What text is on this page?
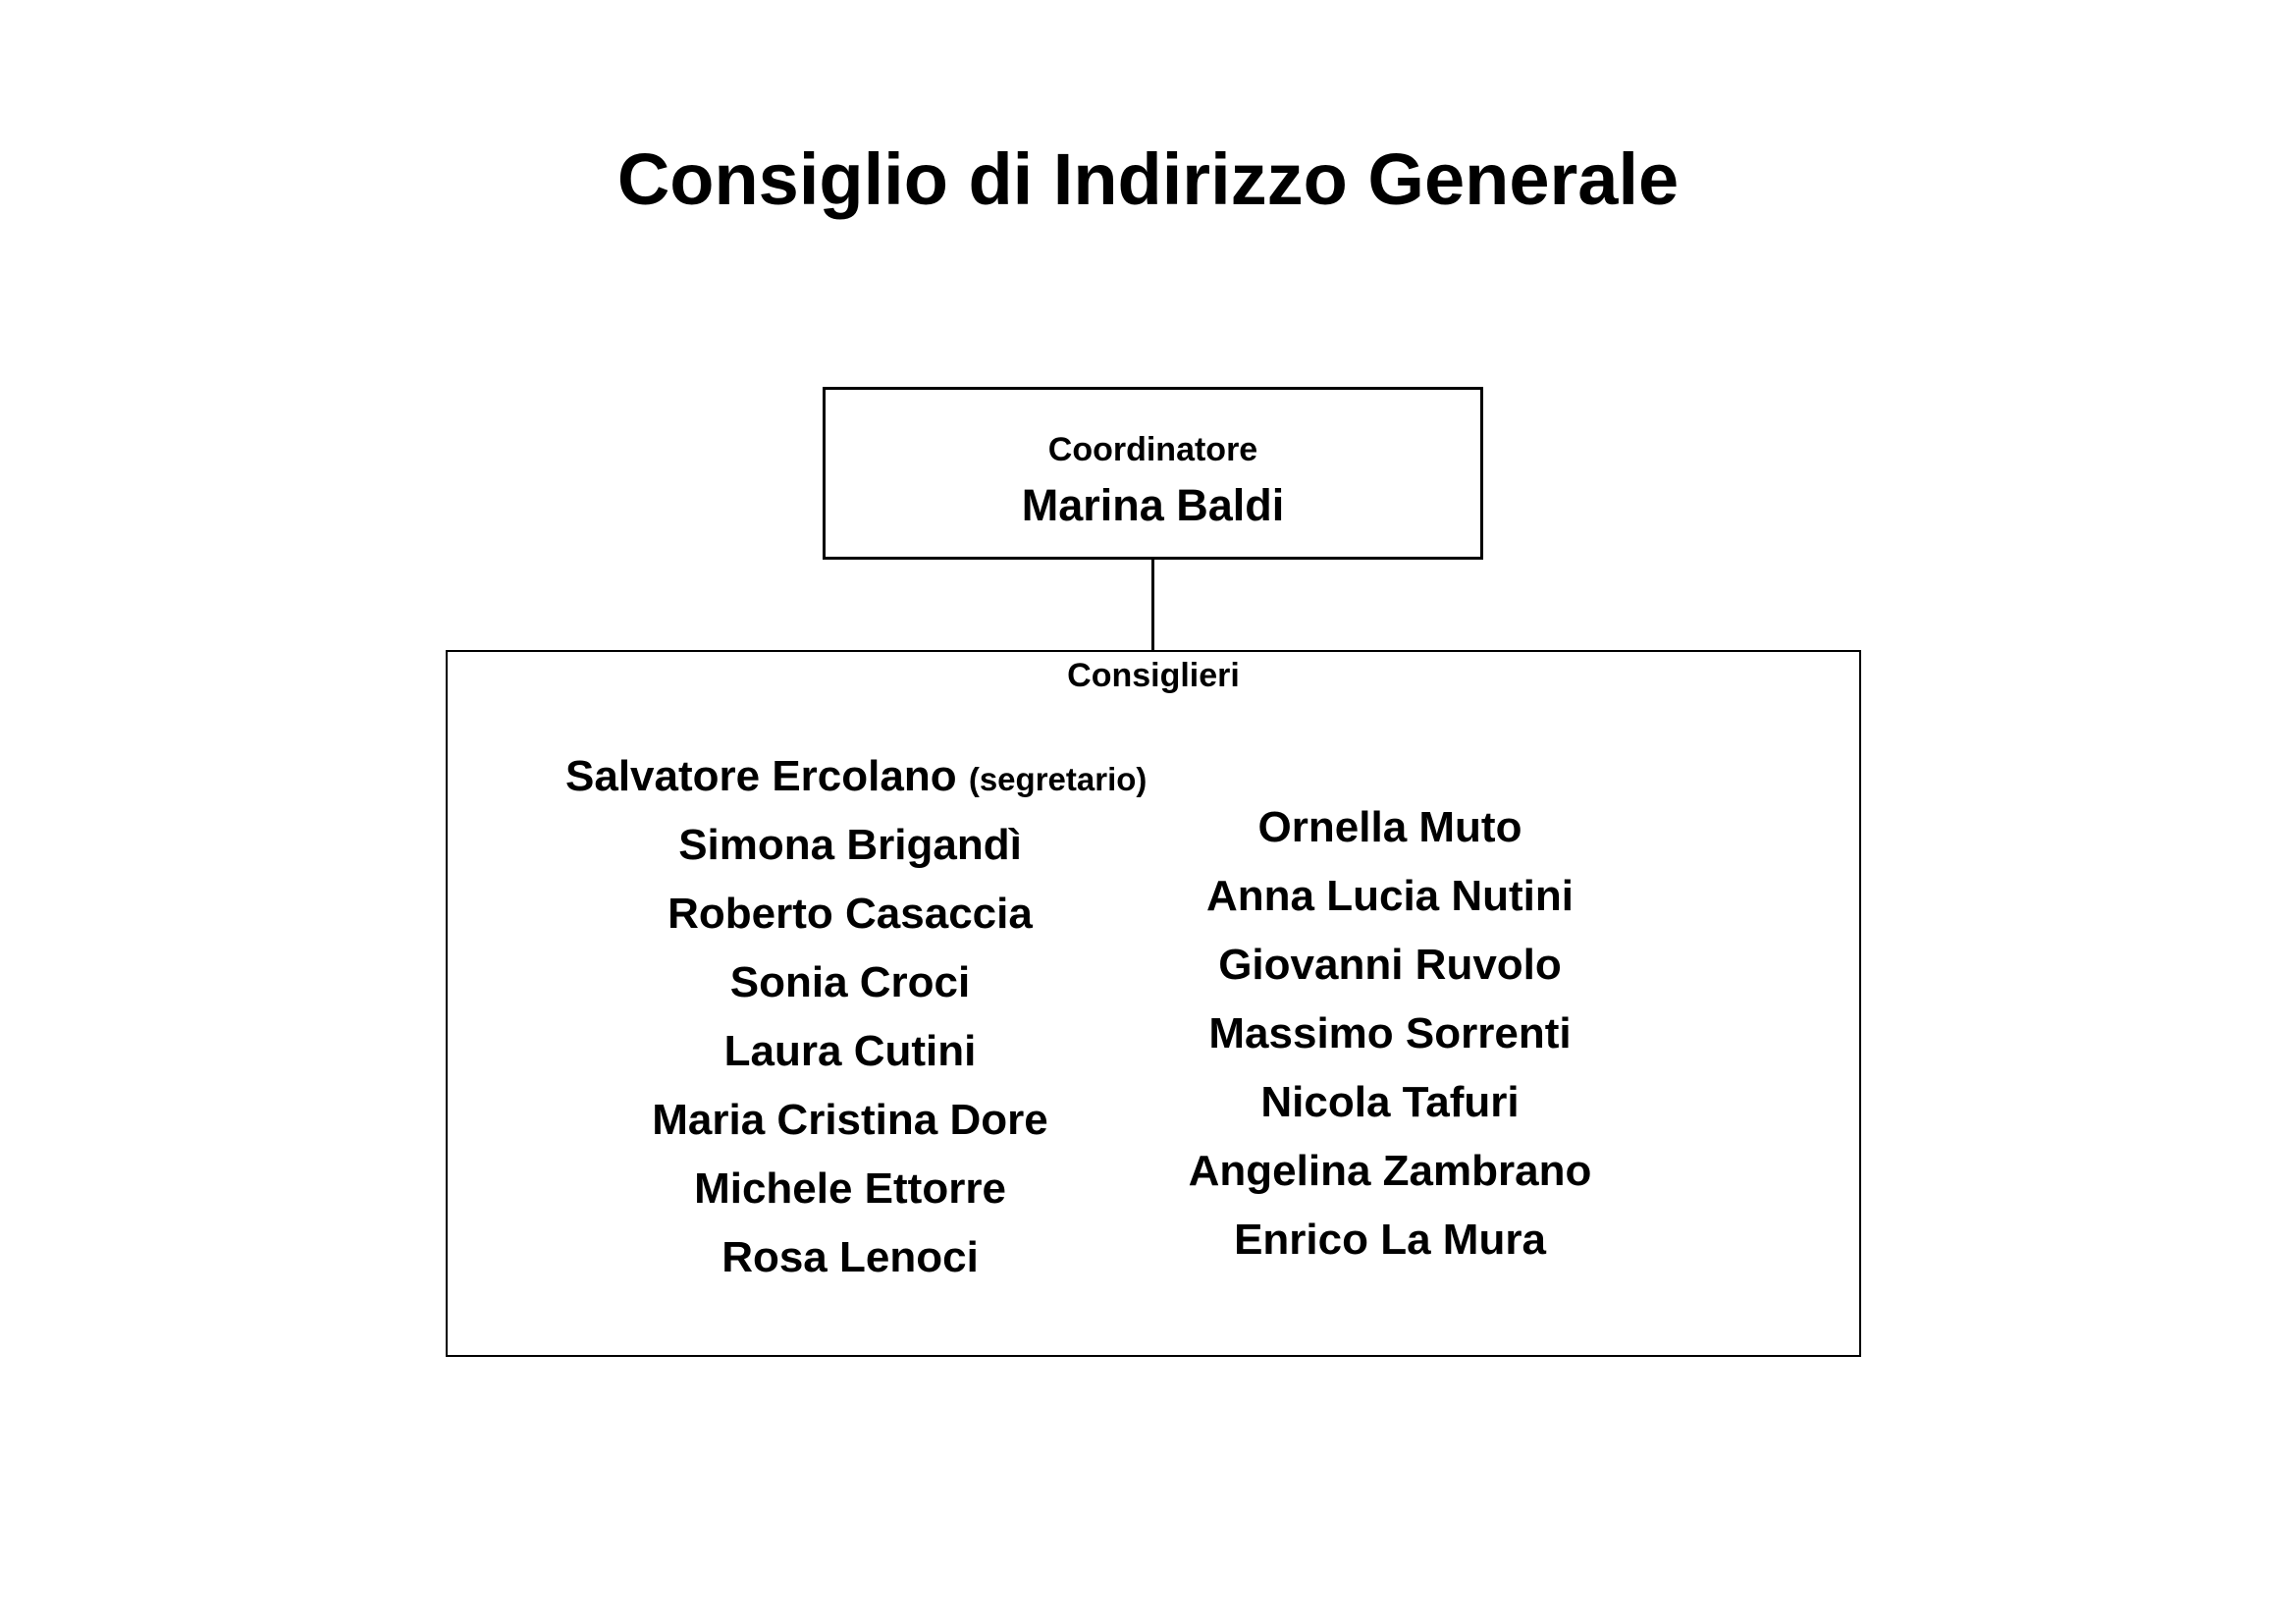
Consiglio di Indirizzo Generale
Coordinatore
Marina Baldi
Consiglieri
Salvatore Ercolano (segretario)
Simona Brigandì
Roberto Casaccia
Sonia Croci
Laura Cutini
Maria Cristina Dore
Michele Ettorre
Rosa Lenoci
Ornella Muto
Anna Lucia Nutini
Giovanni Ruvolo
Massimo Sorrenti
Nicola Tafuri
Angelina Zambrano
Enrico La Mura
